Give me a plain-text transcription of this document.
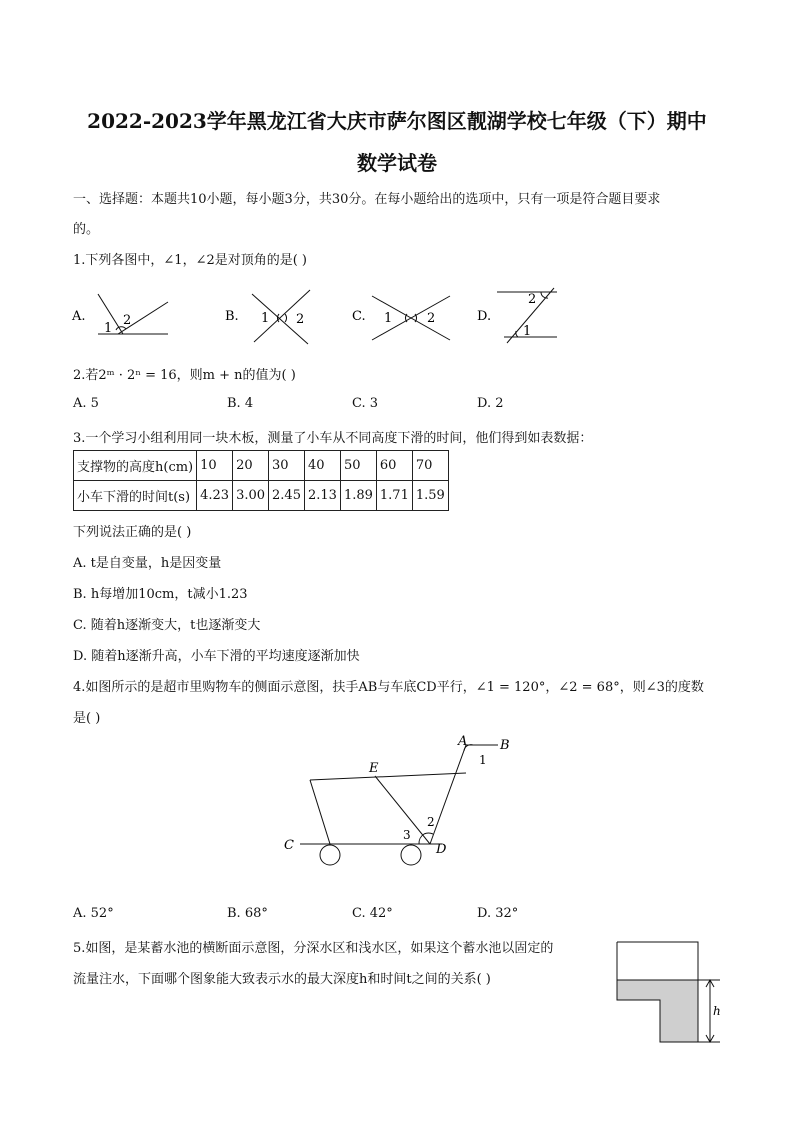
2022-2023学年黑龙江省大庆市萨尔图区靓湖学校七年级（下）期中
数学试卷
一、选择题：本题共10小题，每小题3分，共30分。在每小题给出的选项中，只有一项是符合题目要求
的。
1.下列各图中，∠1，∠2是对顶角的是( )
A.	B.	C.	D.
1
2	1 2	1	2
2
1
2.若2ᵐ · 2ⁿ = 16，则m + n的值为( )
A. 5	B. 4	C. 3	D. 2
3.一个学习小组利用同一块木板，测量了小车从不同高度下滑的时间，他们得到如表数据：
支撑物的高度h(cm)	10	20	30	40	50	60	70
小车下滑的时间t(s)	4.23	3.00	2.45	2.13	1.89	1.71	1.59
下列说法正确的是( )
A. t是自变量，h是因变量
B. h每增加10cm，t减小1.23
C. 随着h逐渐变大，t也逐渐变大
D. 随着h逐渐升高，小车下滑的平均速度逐渐加快
4.如图所示的是超市里购物车的侧面示意图，扶手AB与车底CD平行，∠1 = 120°，∠2 = 68°，则∠3的度数
是( )
A	B
C	D
E
1
2
3
A. 52°	B. 68°	C. 42°	D. 32°
5.如图，是某蓄水池的横断面示意图，分深水区和浅水区，如果这个蓄水池以固定的
流量注水，下面哪个图象能大致表示水的最大深度h和时间t之间的关系( )
h
